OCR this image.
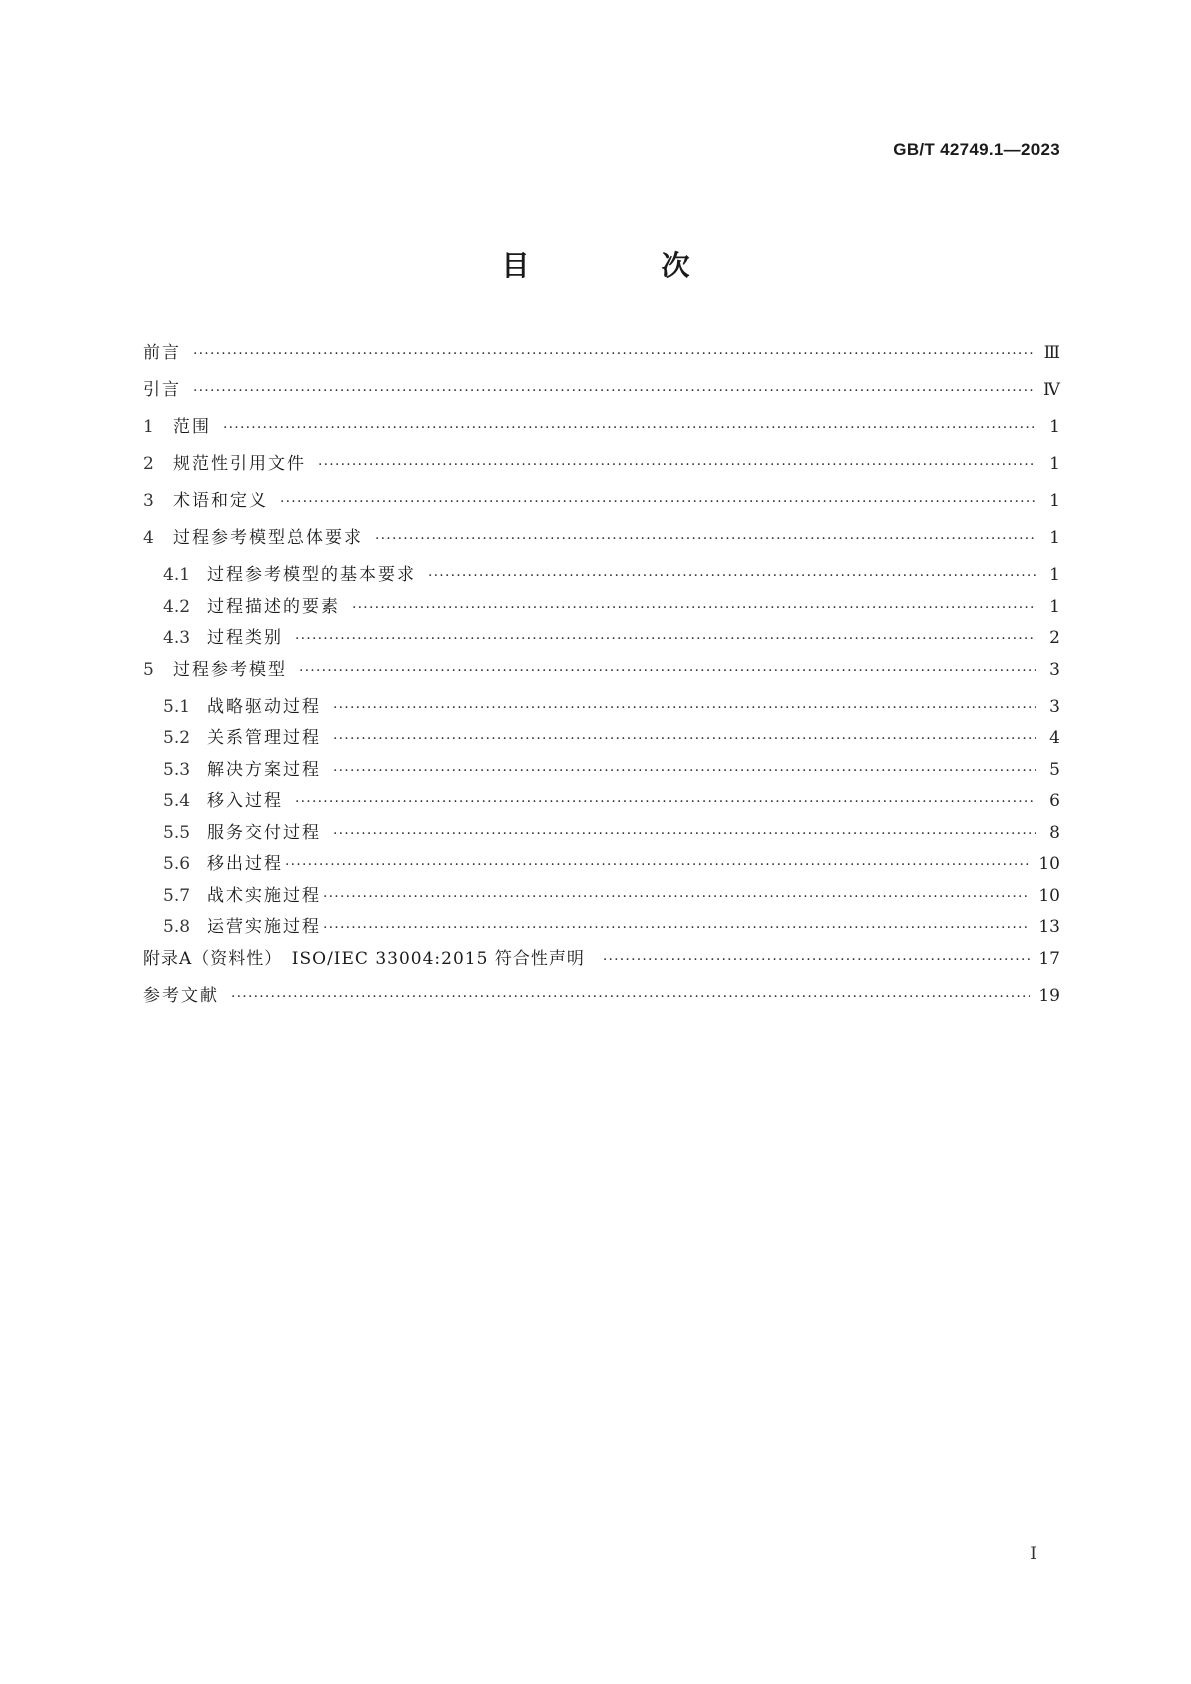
GB/T 42749.1—2023
目　次
前言 ·····	Ⅲ
引言 ·····	Ⅳ
1	范围 ·····	1
2	规范性引用文件 ·····	1
3	术语和定义 ·····	1
4	过程参考模型总体要求 ·····	1
4.1 过程参考模型的基本要求 ·····	1
4.2 过程描述的要素 ·····	1
4.3 过程类别 ·····	2
5	过程参考模型 ·····	3
5.1 战略驱动过程 ·····	3
5.2 关系管理过程 ·····	4
5.3 解决方案过程 ·····	5
5.4 移入过程 ·····	6
5.5 服务交付过程 ·····	8
5.6 移出过程 ·····	10
5.7 战术实施过程 ·····	10
5.8 运营实施过程 ·····	13
附录A（资料性）　ISO/IEC 33004:2015 符合性声明 ·····	17
参考文献 ·····	19
Ⅰ
